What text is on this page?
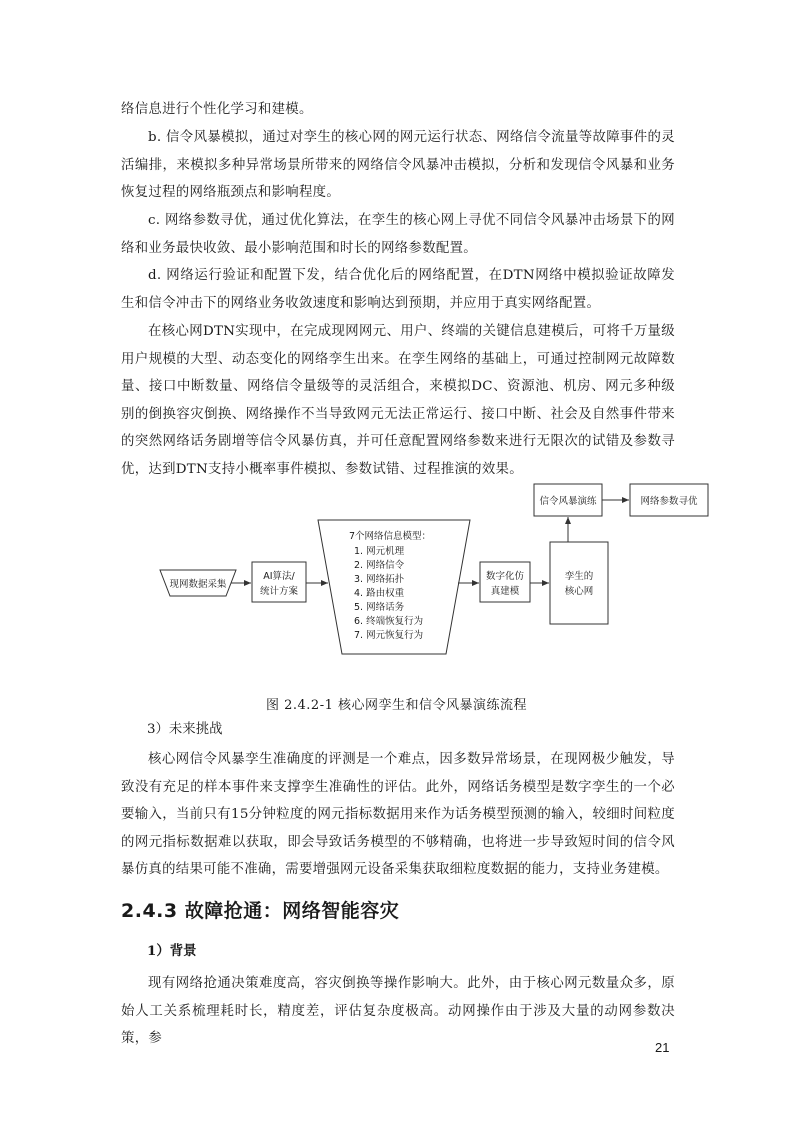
络信息进行个性化学习和建模。

b. 信令风暴模拟，通过对孪生的核心网的网元运行状态、网络信令流量等故障事件的灵活编排，来模拟多种异常场景所带来的网络信令风暴冲击模拟，分析和发现信令风暴和业务恢复过程的网络瓶颈点和影响程度。

c. 网络参数寻优，通过优化算法，在孪生的核心网上寻优不同信令风暴冲击场景下的网络和业务最快收敛、最小影响范围和时长的网络参数配置。

d. 网络运行验证和配置下发，结合优化后的网络配置，在DTN网络中模拟验证故障发生和信令冲击下的网络业务收敛速度和影响达到预期，并应用于真实网络配置。

在核心网DTN实现中，在完成现网网元、用户、终端的关键信息建模后，可将千万量级用户规模的大型、动态变化的网络孪生出来。在孪生网络的基础上，可通过控制网元故障数量、接口中断数量、网络信令量级等的灵活组合，来模拟DC、资源池、机房、网元多种级别的倒换容灾倒换、网络操作不当导致网元无法正常运行、接口中断、社会及自然事件带来的突然网络话务剧增等信令风暴仿真，并可任意配置网络参数来进行无限次的试错及参数寻优，达到DTN支持小概率事件模拟、参数试错、过程推演的效果。

现网数据采集
AI算法/
统计方案
7个网络信息模型：
1. 网元机理
2. 网络信令
3. 网络拓扑
4. 路由权重
5. 网络话务
6. 终端恢复行为
7. 网元恢复行为
数字化仿
真建模
孪生的
核心网
信令风暴演练	网络参数寻优

图 2.4.2-1 核心网孪生和信令风暴演练流程

3）未来挑战

核心网信令风暴孪生准确度的评测是一个难点，因多数异常场景，在现网极少触发，导致没有充足的样本事件来支撑孪生准确性的评估。此外，网络话务模型是数字孪生的一个必要输入，当前只有15分钟粒度的网元指标数据用来作为话务模型预测的输入，较细时间粒度的网元指标数据难以获取，即会导致话务模型的不够精确，也将进一步导致短时间的信令风暴仿真的结果可能不准确，需要增强网元设备采集获取细粒度数据的能力，支持业务建模。

2.4.3 故障抢通：网络智能容灾

1）背景

现有网络抢通决策难度高，容灾倒换等操作影响大。此外，由于核心网元数量众多，原始人工关系梳理耗时长，精度差，评估复杂度极高。动网操作由于涉及大量的动网参数决策，参

21
